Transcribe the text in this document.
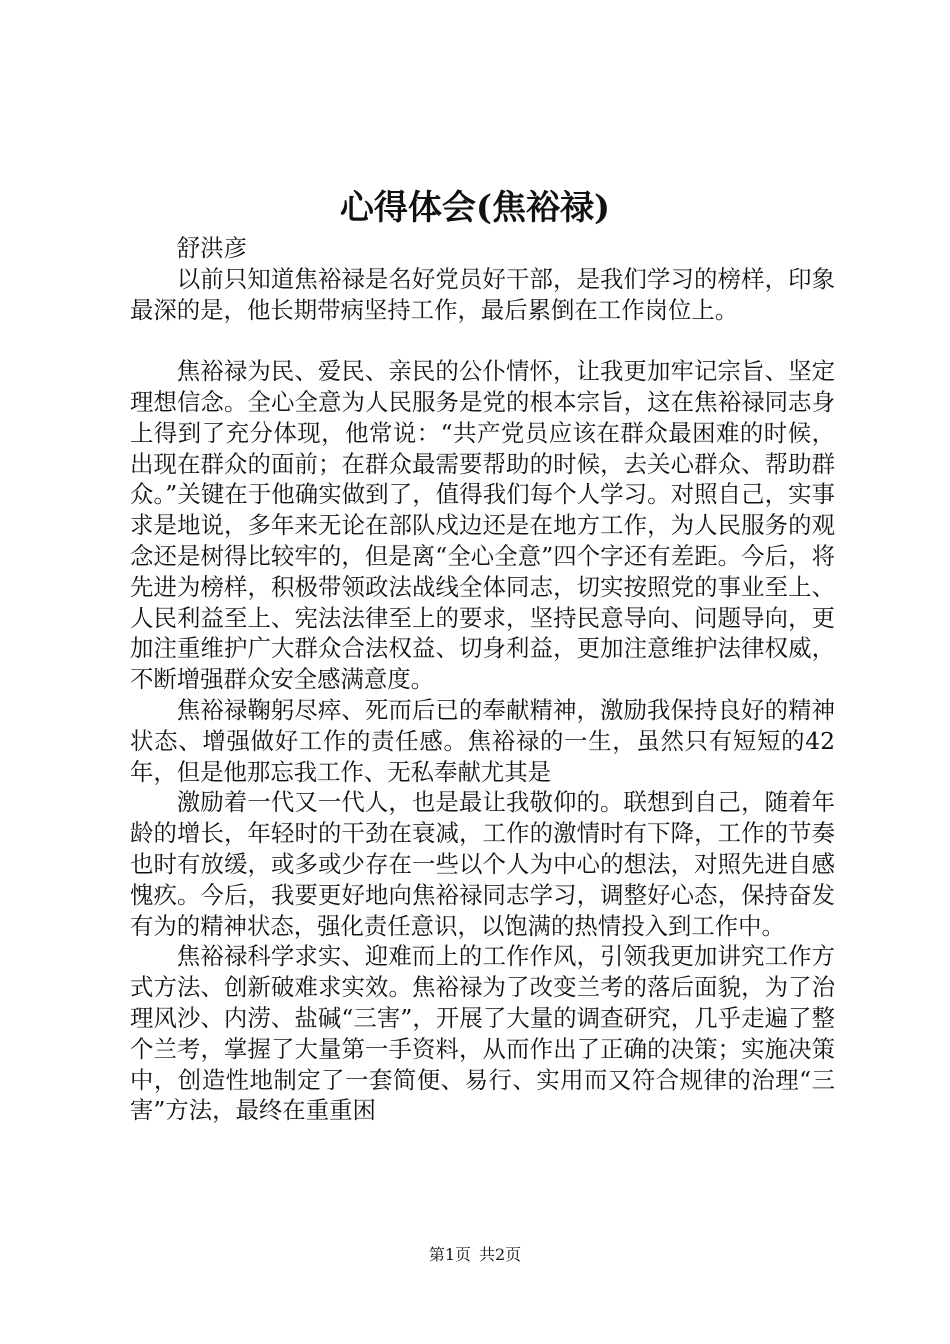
心得体会(焦裕禄)

舒洪彦

以前只知道焦裕禄是名好党员好干部，是我们学习的榜样，印象最深的是，他长期带病坚持工作，最后累倒在工作岗位上。

焦裕禄为民、爱民、亲民的公仆情怀，让我更加牢记宗旨、坚定理想信念。全心全意为人民服务是党的根本宗旨，这在焦裕禄同志身上得到了充分体现，他常说：“共产党员应该在群众最困难的时候，出现在群众的面前；在群众最需要帮助的时候，去关心群众、帮助群众。”关键在于他确实做到了，值得我们每个人学习。对照自己，实事求是地说，多年来无论在部队戍边还是在地方工作，为人民服务的观念还是树得比较牢的，但是离“全心全意”四个字还有差距。今后，将先进为榜样，积极带领政法战线全体同志，切实按照党的事业至上、人民利益至上、宪法法律至上的要求，坚持民意导向、问题导向，更加注重维护广大群众合法权益、切身利益，更加注意维护法律权威，不断增强群众安全感满意度。

焦裕禄鞠躬尽瘁、死而后已的奉献精神，激励我保持良好的精神状态、增强做好工作的责任感。焦裕禄的一生，虽然只有短短的42年，但是他那忘我工作、无私奉献尤其是

激励着一代又一代人，也是最让我敬仰的。联想到自己，随着年龄的增长，年轻时的干劲在衰减，工作的激情时有下降，工作的节奏也时有放缓，或多或少存在一些以个人为中心的想法，对照先进自感愧疚。今后，我要更好地向焦裕禄同志学习，调整好心态，保持奋发有为的精神状态，强化责任意识，以饱满的热情投入到工作中。

焦裕禄科学求实、迎难而上的工作作风，引领我更加讲究工作方式方法、创新破难求实效。焦裕禄为了改变兰考的落后面貌，为了治理风沙、内涝、盐碱“三害”，开展了大量的调查研究，几乎走遍了整个兰考，掌握了大量第一手资料，从而作出了正确的决策；实施决策中，创造性地制定了一套简便、易行、实用而又符合规律的治理“三害”方法，最终在重重困

第1页 共2页
